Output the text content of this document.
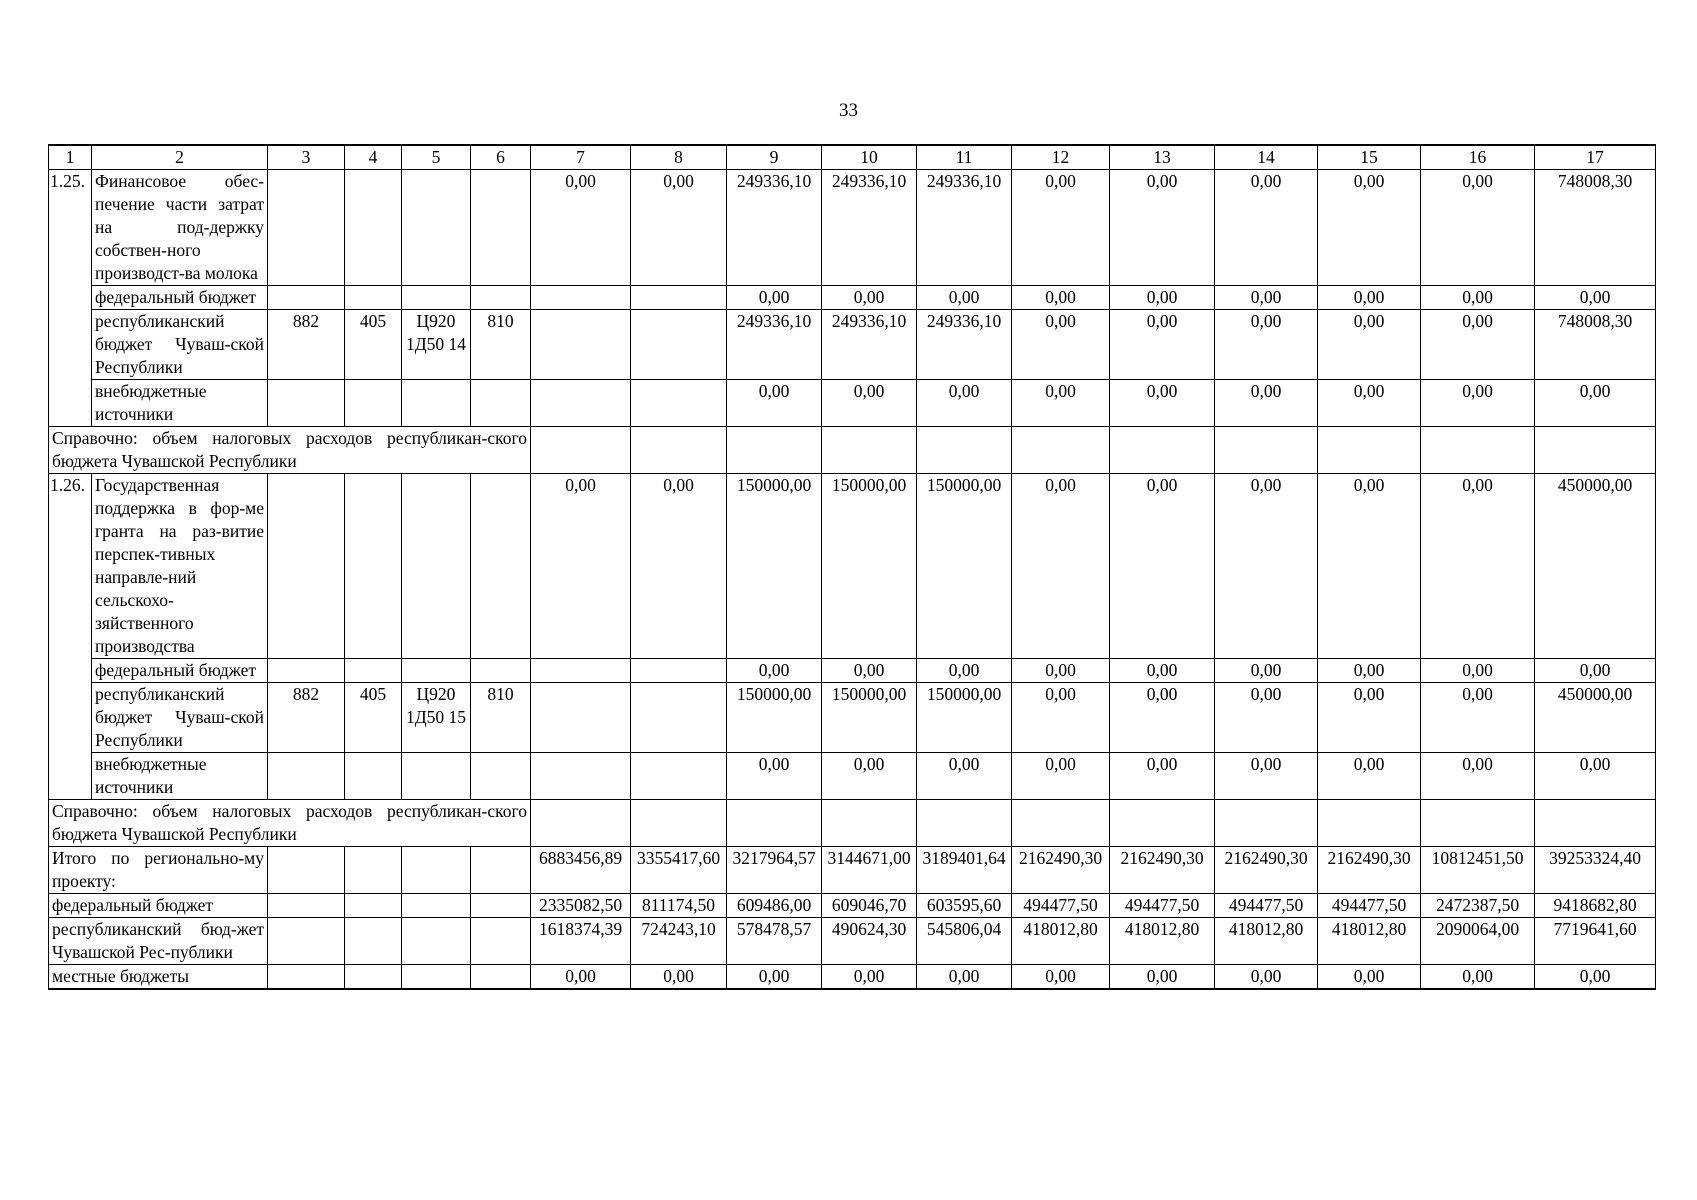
33
1	2	3	4	5	6	7	8	9	10	11	12	13	14	15	16	17
1.25.	Финансовое обес-печение части затрат на под-держку собствен-ного производст-ва молока					0,00	0,00	249336,10	249336,10	249336,10	0,00	0,00	0,00	0,00	0,00	748008,30
	федеральный бюджет							0,00	0,00	0,00	0,00	0,00	0,00	0,00	0,00	0,00
	республиканский бюджет Чуваш-ской Республики	882	405	Ц920 1Д50 14	810			249336,10	249336,10	249336,10	0,00	0,00	0,00	0,00	0,00	748008,30
	внебюджетные источники							0,00	0,00	0,00	0,00	0,00	0,00	0,00	0,00	0,00
Справочно: объем налоговых расходов республикан-ского бюджета Чувашской Республики																
1.26.	Государственная поддержка в фор-ме гранта на раз-витие перспек-тивных направле-ний сельскохо-зяйственного производства					0,00	0,00	150000,00	150000,00	150000,00	0,00	0,00	0,00	0,00	0,00	450000,00
	федеральный бюджет							0,00	0,00	0,00	0,00	0,00	0,00	0,00	0,00	0,00
	республиканский бюджет Чуваш-ской Республики	882	405	Ц920 1Д50 15	810			150000,00	150000,00	150000,00	0,00	0,00	0,00	0,00	0,00	450000,00
	внебюджетные источники							0,00	0,00	0,00	0,00	0,00	0,00	0,00	0,00	0,00
Справочно: объем налоговых расходов республикан-ского бюджета Чувашской Республики																
Итого по регионально-му проекту:						6883456,89	3355417,60	3217964,57	3144671,00	3189401,64	2162490,30	2162490,30	2162490,30	2162490,30	10812451,50	39253324,40
федеральный бюджет						2335082,50	811174,50	609486,00	609046,70	603595,60	494477,50	494477,50	494477,50	494477,50	2472387,50	9418682,80
республиканский бюд-жет Чувашской Рес-публики						1618374,39	724243,10	578478,57	490624,30	545806,04	418012,80	418012,80	418012,80	418012,80	2090064,00	7719641,60
местные бюджеты						0,00	0,00	0,00	0,00	0,00	0,00	0,00	0,00	0,00	0,00	0,00
